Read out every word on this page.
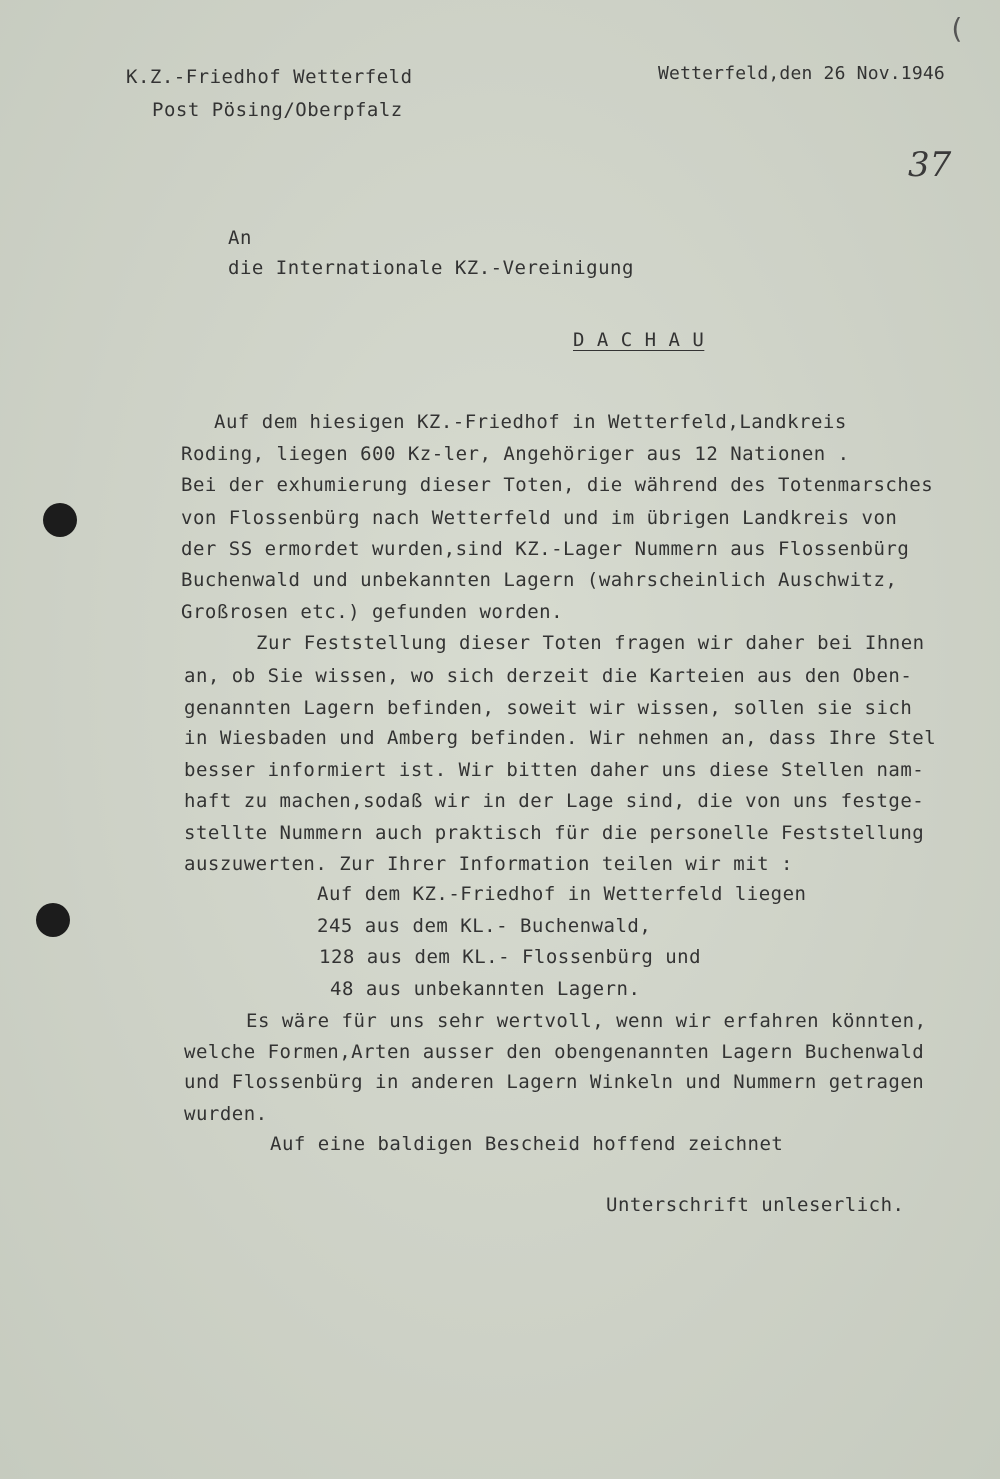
(
K.Z.-Friedhof Wetterfeld
Post Pösing/Oberpfalz
Wetterfeld,den 26 Nov.1946
37
An
die Internationale KZ.-Vereinigung
D A C H A U
Auf dem hiesigen KZ.-Friedhof in Wetterfeld,Landkreis
Roding, liegen 600 Kz-ler, Angehöriger aus 12 Nationen .
Bei der exhumierung dieser Toten, die während des Totenmarsches
von Flossenbürg nach Wetterfeld und im übrigen Landkreis von
der SS ermordet wurden,sind KZ.-Lager Nummern aus Flossenbürg
Buchenwald und unbekannten Lagern (wahrscheinlich Auschwitz,
Großrosen etc.) gefunden worden.
Zur Feststellung dieser Toten fragen wir daher bei Ihnen
an, ob Sie wissen, wo sich derzeit die Karteien aus den Oben-
genannten Lagern befinden, soweit wir wissen, sollen sie sich
in Wiesbaden und Amberg befinden. Wir nehmen an, dass Ihre Stel
besser informiert ist. Wir bitten daher uns diese Stellen nam-
haft zu machen,sodaß wir in der Lage sind, die von uns festge-
stellte Nummern auch praktisch für die personelle Feststellung
auszuwerten. Zur Ihrer Information teilen wir mit :
Auf dem KZ.-Friedhof in Wetterfeld liegen
245 aus dem KL.- Buchenwald,
128 aus dem KL.- Flossenbürg und
48 aus unbekannten Lagern.
Es wäre für uns sehr wertvoll, wenn wir erfahren könnten,
welche Formen,Arten ausser den obengenannten Lagern Buchenwald
und Flossenbürg in anderen Lagern Winkeln und Nummern getragen
wurden.
Auf eine baldigen Bescheid hoffend zeichnet
Unterschrift unleserlich.
